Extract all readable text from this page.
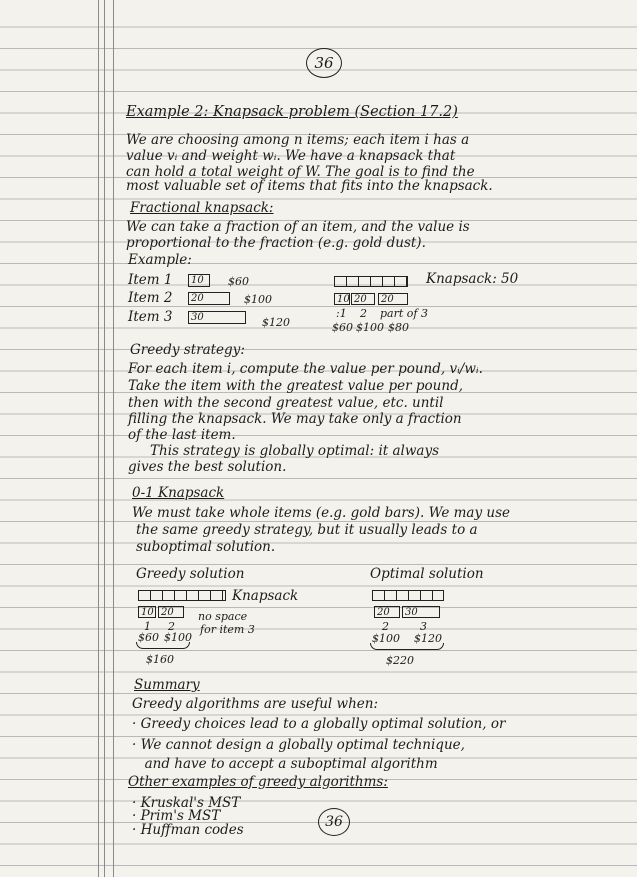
36
Example 2: Knapsack problem (Section 17.2)
We are choosing among n items; each item i has a
value vᵢ and weight wᵢ. We have a knapsack that
can hold a total weight of W. The goal is to find the
most valuable set of items that fits into the knapsack.
Fractional knapsack:
We can take a fraction of an item, and the value is
proportional to the fraction (e.g. gold dust).
Example:
Item 1	10	$60
Item 2	20	$100
Item 3	30	$120
Knapsack: 50
10 20	20
:1 2 part of 3
$60 $100 $80
Greedy strategy:
For each item i, compute the value per pound, vᵢ/wᵢ.
Take the item with the greatest value per pound,
then with the second greatest value, etc. until
filling the knapsack. We may take only a fraction
of the last item.
This strategy is globally optimal: it always
gives the best solution.
0-1 Knapsack
We must take whole items (e.g. gold bars). We may use
the same greedy strategy, but it usually leads to a
suboptimal solution.
Greedy solution
Knapsack
10 20	no space
for item 3
1 2
$60 $100
$160
Optimal solution
20	30
2	3
$100 $120
$220
Summary
Greedy algorithms are useful when:
· Greedy choices lead to a globally optimal solution, or
· We cannot design a globally optimal technique,
and have to accept a suboptimal algorithm
Other examples of greedy algorithms:
· Kruskal's MST
· Prim's MST
· Huffman codes	36
